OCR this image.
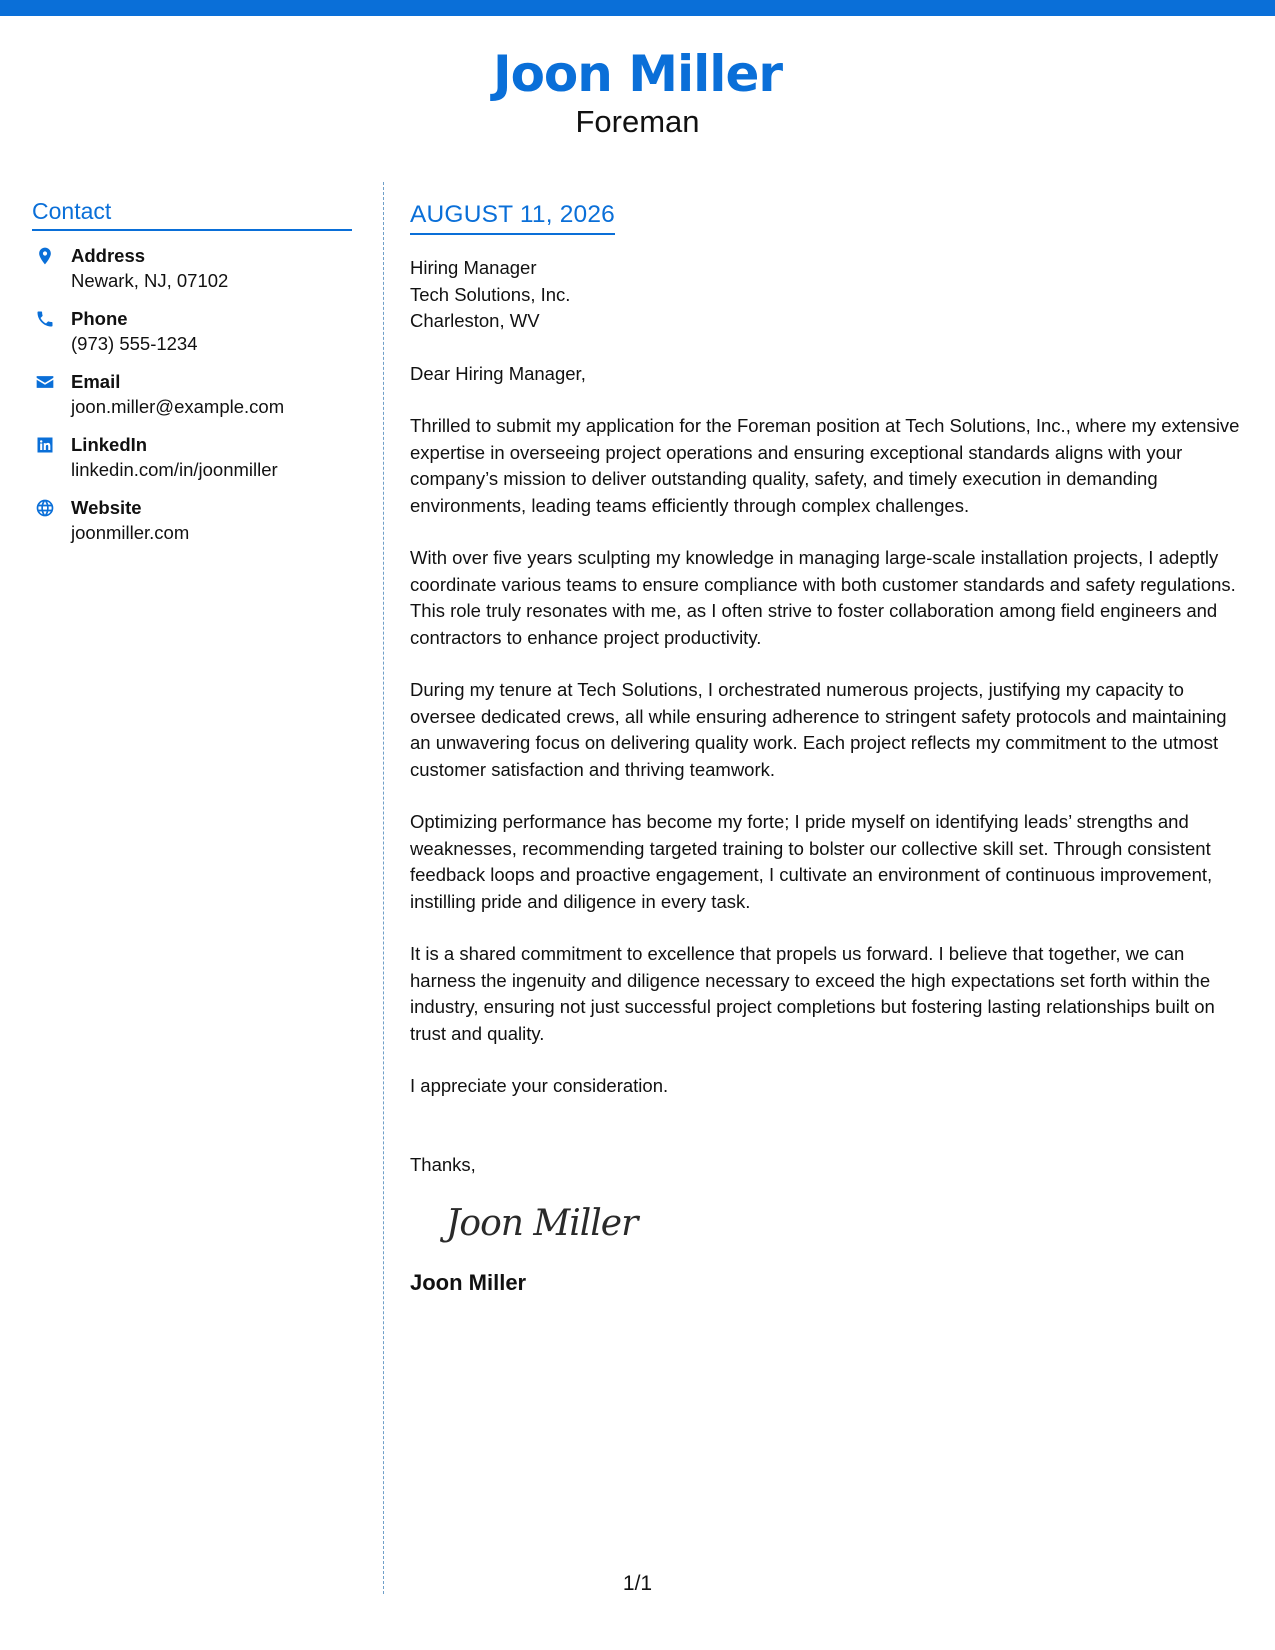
Joon Miller
Foreman
Contact
Address
Newark, NJ, 07102
Phone
(973) 555-1234
Email
joon.miller@example.com
LinkedIn
linkedin.com/in/joonmiller
Website
joonmiller.com
AUGUST 11, 2026
Hiring Manager
Tech Solutions, Inc.
Charleston, WV

Dear Hiring Manager,

Thrilled to submit my application for the Foreman position at Tech Solutions, Inc., where my extensive expertise in overseeing project operations and ensuring exceptional standards aligns with your company’s mission to deliver outstanding quality, safety, and timely execution in demanding environments, leading teams efficiently through complex challenges.

With over five years sculpting my knowledge in managing large-scale installation projects, I adeptly coordinate various teams to ensure compliance with both customer standards and safety regulations. This role truly resonates with me, as I often strive to foster collaboration among field engineers and contractors to enhance project productivity.

During my tenure at Tech Solutions, I orchestrated numerous projects, justifying my capacity to oversee dedicated crews, all while ensuring adherence to stringent safety protocols and maintaining an unwavering focus on delivering quality work. Each project reflects my commitment to the utmost customer satisfaction and thriving teamwork.

Optimizing performance has become my forte; I pride myself on identifying leads’ strengths and weaknesses, recommending targeted training to bolster our collective skill set. Through consistent feedback loops and proactive engagement, I cultivate an environment of continuous improvement, instilling pride and diligence in every task.

It is a shared commitment to excellence that propels us forward. I believe that together, we can harness the ingenuity and diligence necessary to exceed the high expectations set forth within the industry, ensuring not just successful project completions but fostering lasting relationships built on trust and quality.

I appreciate your consideration.

Thanks,

Joon Miller
Joon Miller
1/1
